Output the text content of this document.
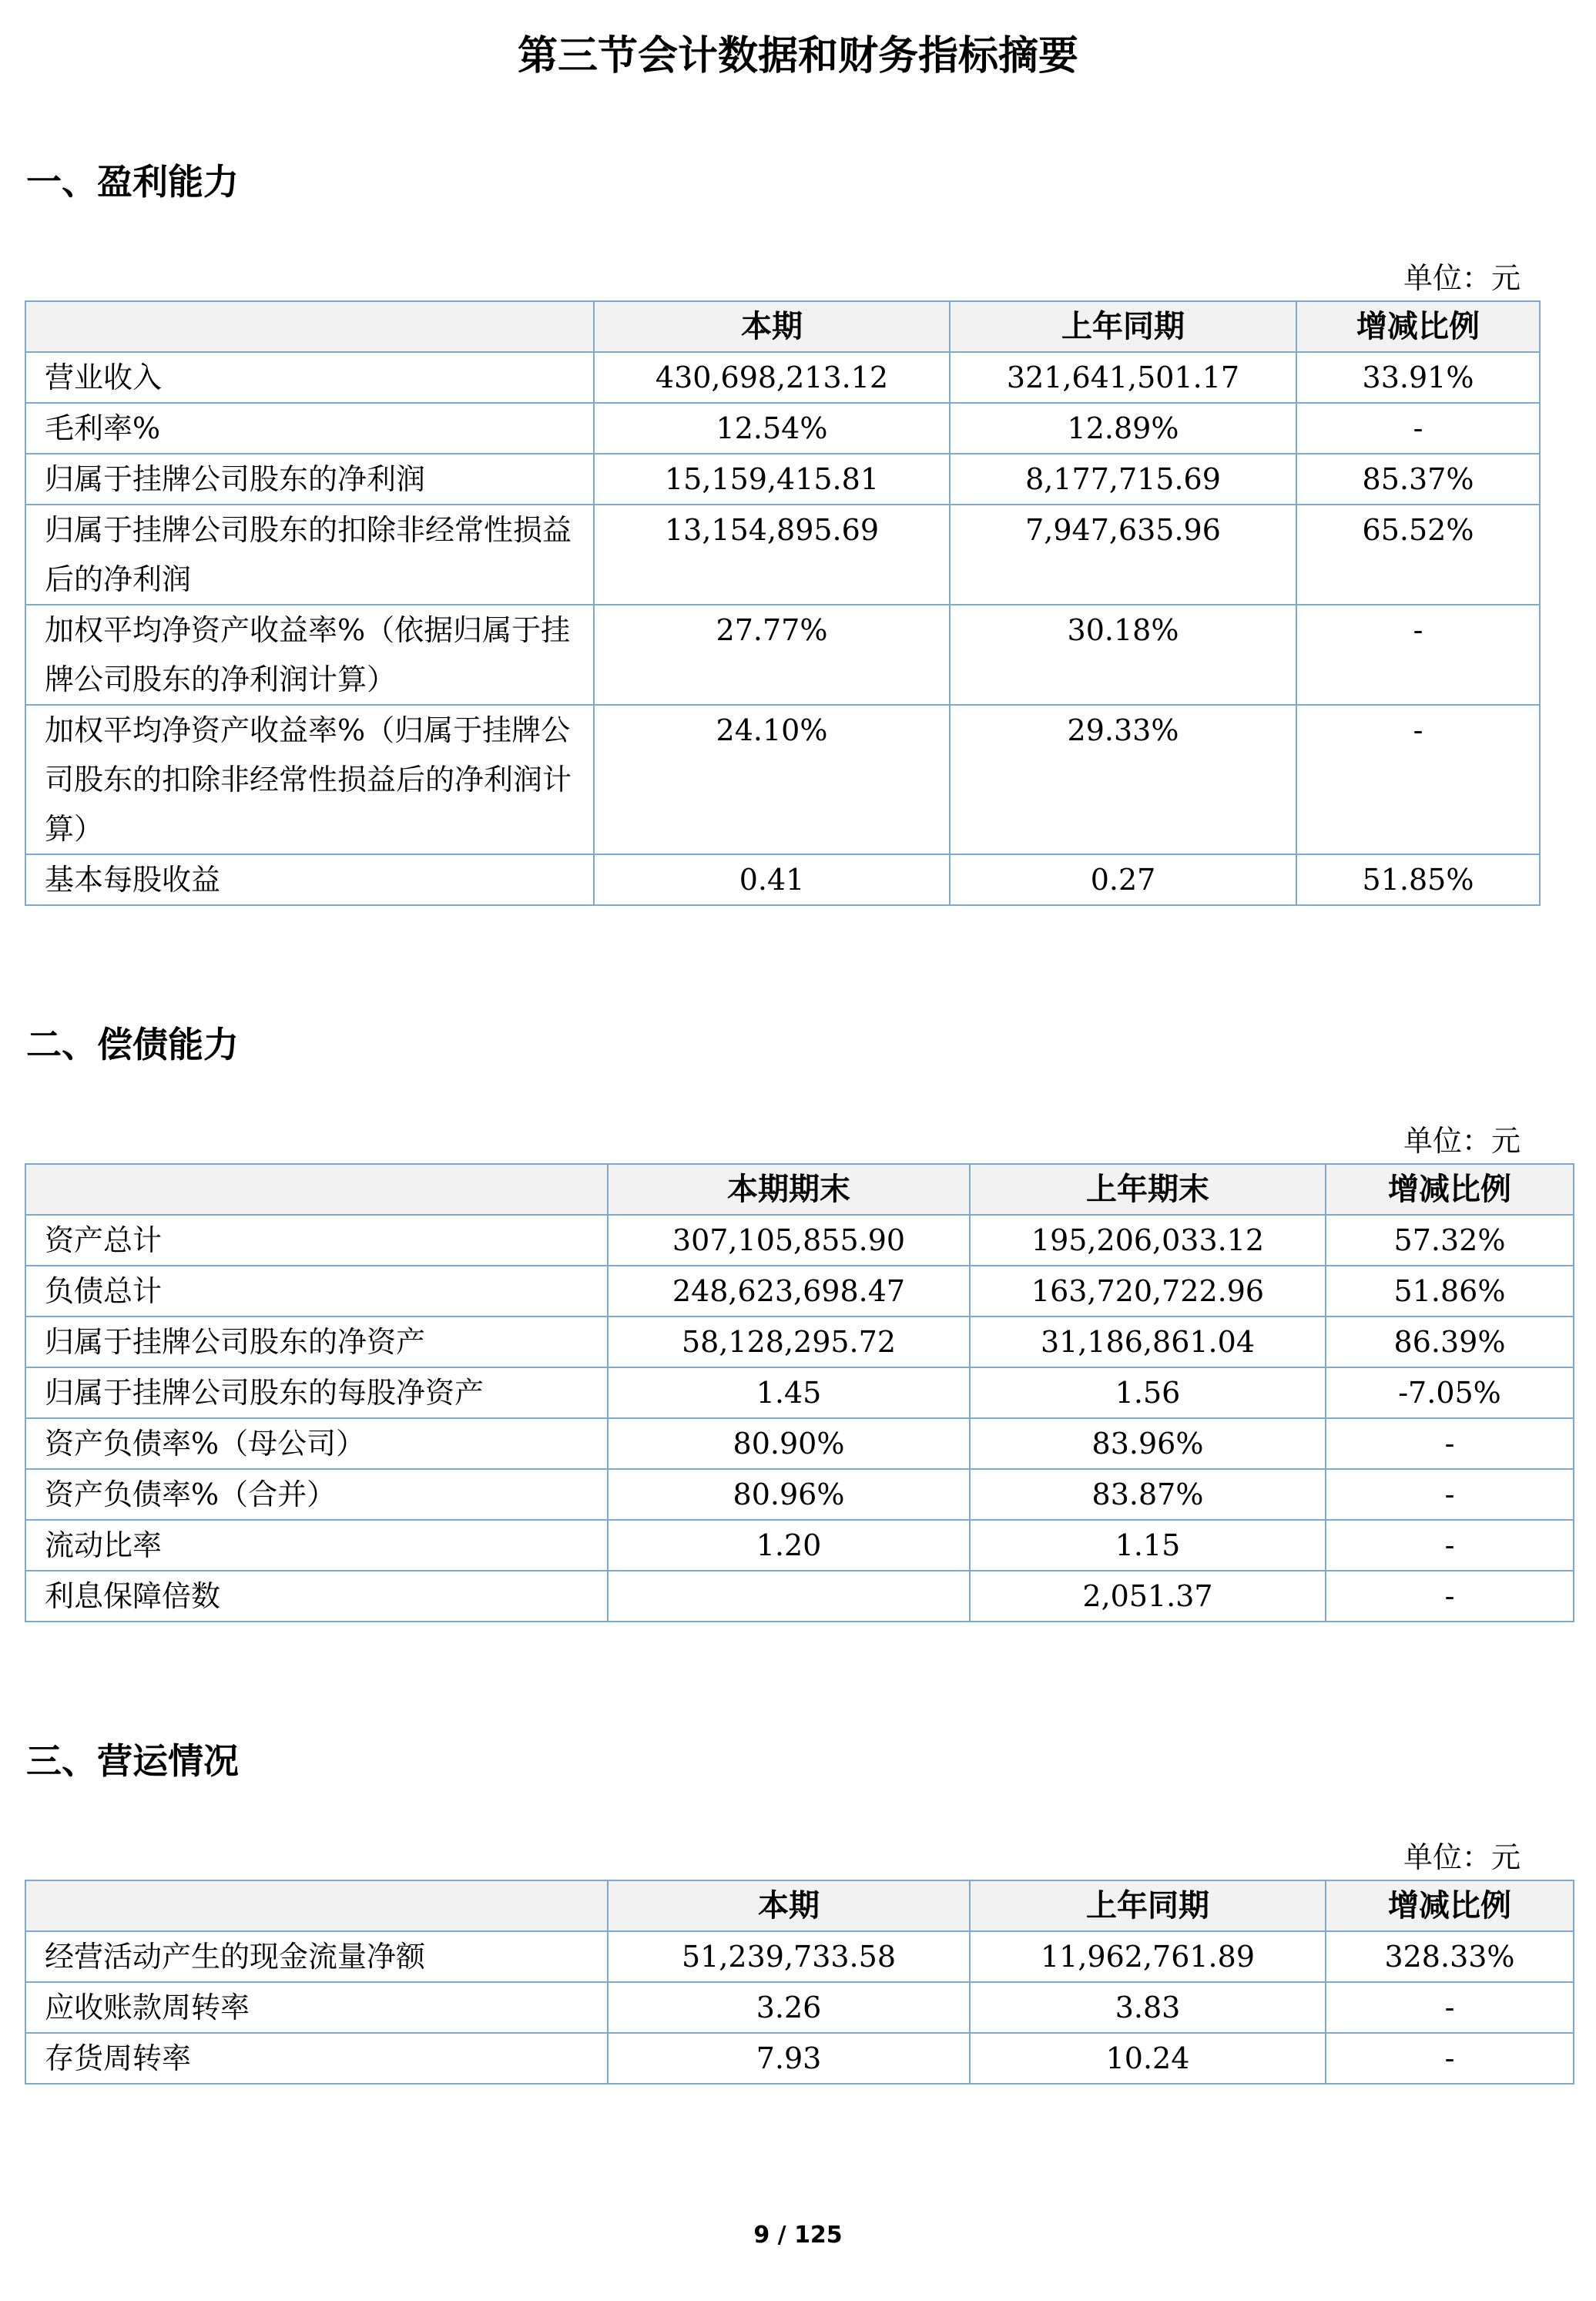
第三节会计数据和财务指标摘要
一、盈利能力
单位：元
	本期	上年同期	增减比例
营业收入	430,698,213.12	321,641,501.17	33.91%
毛利率%	12.54%	12.89%	-
归属于挂牌公司股东的净利润	15,159,415.81	8,177,715.69	85.37%
归属于挂牌公司股东的扣除非经常性损益后的净利润	13,154,895.69	7,947,635.96	65.52%
加权平均净资产收益率%（依据归属于挂牌公司股东的净利润计算）	27.77%	30.18%	-
加权平均净资产收益率%（归属于挂牌公司股东的扣除非经常性损益后的净利润计算）	24.10%	29.33%	-
基本每股收益	0.41	0.27	51.85%
二、偿债能力
单位：元
	本期期末	上年期末	增减比例
资产总计	307,105,855.90	195,206,033.12	57.32%
负债总计	248,623,698.47	163,720,722.96	51.86%
归属于挂牌公司股东的净资产	58,128,295.72	31,186,861.04	86.39%
归属于挂牌公司股东的每股净资产	1.45	1.56	-7.05%
资产负债率%（母公司）	80.90%	83.96%	-
资产负债率%（合并）	80.96%	83.87%	-
流动比率	1.20	1.15	-
利息保障倍数		2,051.37	-
三、营运情况
单位：元
	本期	上年同期	增减比例
经营活动产生的现金流量净额	51,239,733.58	11,962,761.89	328.33%
应收账款周转率	3.26	3.83	-
存货周转率	7.93	10.24	-
9 / 125
